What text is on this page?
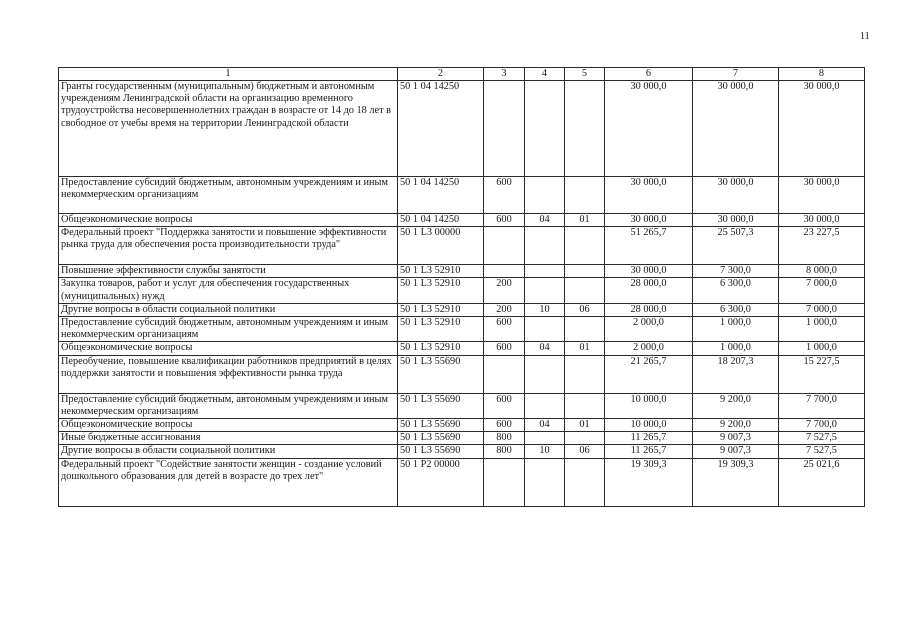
11
1	2	3	4	5	6	7	8
Гранты государственным (муниципальным) бюджетным и автономным учреждениям Ленинградской области на организацию временного трудоустройства несовершеннолетних граждан в возрасте от 14 до 18 лет в свободное от учебы время на территории Ленинградской области	50 1 04 14250				30 000,0	30 000,0	30 000,0
Предоставление субсидий бюджетным, автономным учреждениям и иным некоммерческим организациям	50 1 04 14250	600			30 000,0	30 000,0	30 000,0
Общеэкономические вопросы	50 1 04 14250	600	04	01	30 000,0	30 000,0	30 000,0
Федеральный проект "Поддержка занятости и повышение эффективности рынка труда для обеспечения роста производительности труда"	50 1 L3 00000				51 265,7	25 507,3	23 227,5
Повышение эффективности службы занятости	50 1 L3 52910				30 000,0	7 300,0	8 000,0
Закупка товаров, работ и услуг для обеспечения государственных (муниципальных) нужд	50 1 L3 52910	200			28 000,0	6 300,0	7 000,0
Другие вопросы в области социальной политики	50 1 L3 52910	200	10	06	28 000,0	6 300,0	7 000,0
Предоставление субсидий бюджетным, автономным учреждениям и иным некоммерческим организациям	50 1 L3 52910	600			2 000,0	1 000,0	1 000,0
Общеэкономические вопросы	50 1 L3 52910	600	04	01	2 000,0	1 000,0	1 000,0
Переобучение, повышение квалификации работников предприятий в целях поддержки занятости и повышения эффективности рынка труда	50 1 L3 55690				21 265,7	18 207,3	15 227,5
Предоставление субсидий бюджетным, автономным учреждениям и иным некоммерческим организациям	50 1 L3 55690	600			10 000,0	9 200,0	7 700,0
Общеэкономические вопросы	50 1 L3 55690	600	04	01	10 000,0	9 200,0	7 700,0
Иные бюджетные ассигнования	50 1 L3 55690	800			11 265,7	9 007,3	7 527,5
Другие вопросы в области социальной политики	50 1 L3 55690	800	10	06	11 265,7	9 007,3	7 527,5
Федеральный проект "Содействие занятости женщин - создание условий дошкольного образования для детей в возрасте до трех лет"	50 1 P2 00000				19 309,3	19 309,3	25 021,6
